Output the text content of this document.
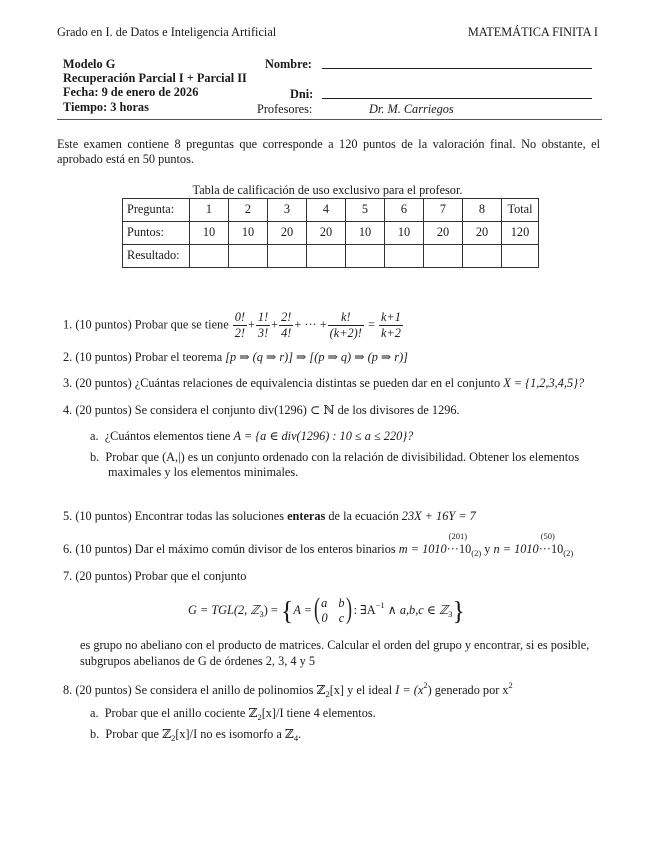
Grado en I. de Datos e Inteligencia Artificial	MATEMÁTICA FINITA I
Modelo G
Recuperación Parcial I + Parcial II
Fecha: 9 de enero de 2026
Tiempo: 3 horas
Nombre:
Dni:
Profesores:	Dr. M. Carriegos
Este examen contiene 8 preguntas que corresponde a 120 puntos de la valoración final. No obstante, el aprobado está en 50 puntos.
Tabla de calificación de uso exclusivo para el profesor.
Pregunta:	1	2	3	4	5	6	7	8	Total
Puntos:	10	10	20	20	10	10	20	20	120
Resultado:									
1. (10 puntos) Probar que se tiene $\frac{0!}{2!} + \frac{1!}{3!} + \frac{2!}{4!}$ + ··· + $\frac{k!}{(k+2)!} = \frac{k+1}{k+2}$
2. (10 puntos) Probar el teorema [p ⇒ (q ⇒ r)] ⇒ [(p ⇒ q) ⇒ (p ⇒ r)]
3. (20 puntos) ¿Cuántas relaciones de equivalencia distintas se pueden dar en el conjunto X = {1,2,3,4,5}?
4. (20 puntos) Se considera el conjunto div(1296) ⊂ ℕ de los divisores de 1296.
a. ¿Cuántos elementos tiene A = {a ∈ div(1296) : 10 ≤ a ≤ 220}?
b. Probar que (A,|) es un conjunto ordenado con la relación de divisibilidad. Obtener los elementos
maximales y los elementos minimales.
5. (10 puntos) Encontrar todas las soluciones enteras de la ecuación 23X + 16Y = 7
6. (10 puntos) Dar el máximo común divisor de los enteros binarios m = 1010
(201)
$\cdot\cdot\cdot 10_{(2)}$ y n = 1010
(50)
$\cdot\cdot\cdot 10_{(2)}$
7. (20 puntos) Probar que el conjunto
G = TGL(2, ℤ$_3$) = {A = ( )
a b
0 c
: $\exists A^{-1}$ ∧ a,b,c ∈ ℤ$_3$}
es grupo no abeliano con el producto de matrices. Calcular el orden del grupo y encontrar, si es posible,
subgrupos abelianos de G de órdenes 2, 3, 4 y 5
8. (20 puntos) Se considera el anillo de polinomios ℤ$_2$[x] y el ideal $I = (x^2)$ generado por $x^2$
a. Probar que el anillo cociente ℤ$_2$[x]/I tiene 4 elementos.
b. Probar que ℤ$_2$[x]/I no es isomorfo a ℤ$_4$.
